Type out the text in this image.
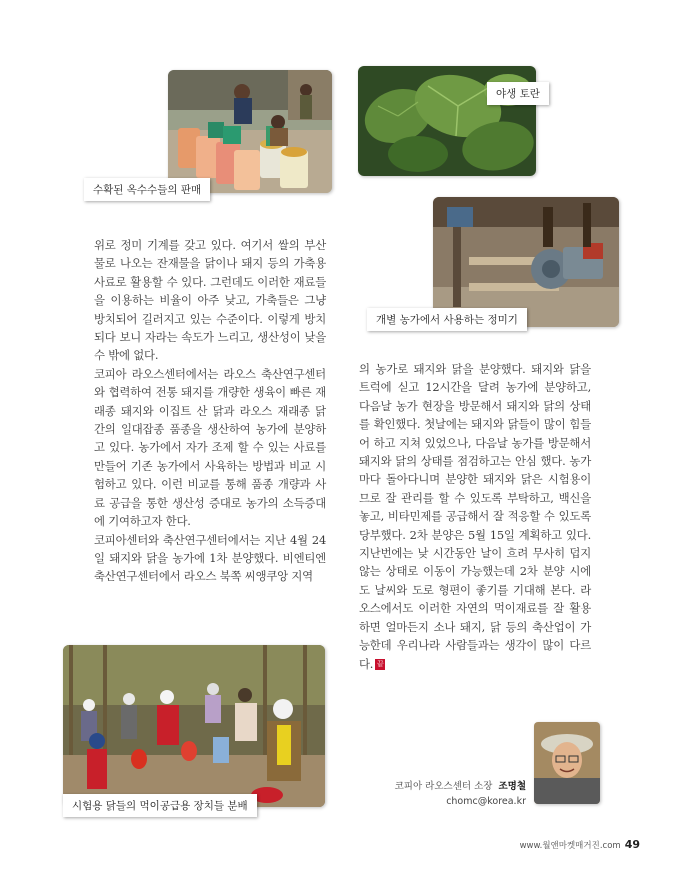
수확된 옥수수들의 판매
야생 토란
개별 농가에서 사용하는 정미기

위로 정미 기계를 갖고 있다. 여기서 쌀의 부산물로 나오는 잔재물을 닭이나 돼지 등의 가축용 사료로 활용할 수 있다. 그런데도 이러한 재료들을 이용하는 비율이 아주 낮고, 가축들은 그냥 방치되어 길러지고 있는 수준이다. 이렇게 방치되다 보니 자라는 속도가 느리고, 생산성이 낮을 수 밖에 없다.

코피아 라오스센터에서는 라오스 축산연구센터와 협력하여 전통 돼지를 개량한 생육이 빠른 재래종 돼지와 이집트 산 닭과 라오스 재래종 닭 간의 일대잡종 품종을 생산하여 농가에 분양하고 있다. 농가에서 자가 조제 할 수 있는 사료를 만들어 기존 농가에서 사육하는 방법과 비교 시험하고 있다. 이런 비교를 통해 품종 개량과 사료 공급을 통한 생산성 증대로 농가의 소득증대에 기여하고자 한다.

코피아센터와 축산연구센터에서는 지난 4월 24일 돼지와 닭을 농가에 1차 분양했다. 비엔티엔 축산연구센터에서 라오스 북쪽 씨앵쿠앙 지역

의 농가로 돼지와 닭을 분양했다. 돼지와 닭을 트럭에 싣고 12시간을 달려 농가에 분양하고, 다음날 농가 현장을 방문해서 돼지와 닭의 상태를 확인했다. 첫날에는 돼지와 닭들이 많이 힘들어 하고 지쳐 있었으나, 다음날 농가를 방문해서 돼지와 닭의 상태를 점검하고는 안심 했다. 농가마다 돌아다니며 분양한 돼지와 닭은 시험용이므로 잘 관리를 할 수 있도록 부탁하고, 백신을 놓고, 비타민제를 공급해서 잘 적응할 수 있도록 당부했다. 2차 분양은 5월 15일 계획하고 있다. 지난번에는 낮 시간동안 날이 흐려 무사히 덥지 않는 상태로 이동이 가능했는데 2차 분양 시에도 날씨와 도로 형편이 좋기를 기대해 본다. 라오스에서도 이러한 자연의 먹이재료를 잘 활용하면 얼마든지 소나 돼지, 닭 등의 축산업이 가능한데 우리나라 사람들과는 생각이 많이 다르다. 끝

시험용 닭들의 먹이공급용 장치들 분배
코피아 라오스센터 소장 조명철
chomc@korea.kr
www.월앤마켓매거진.com 49
